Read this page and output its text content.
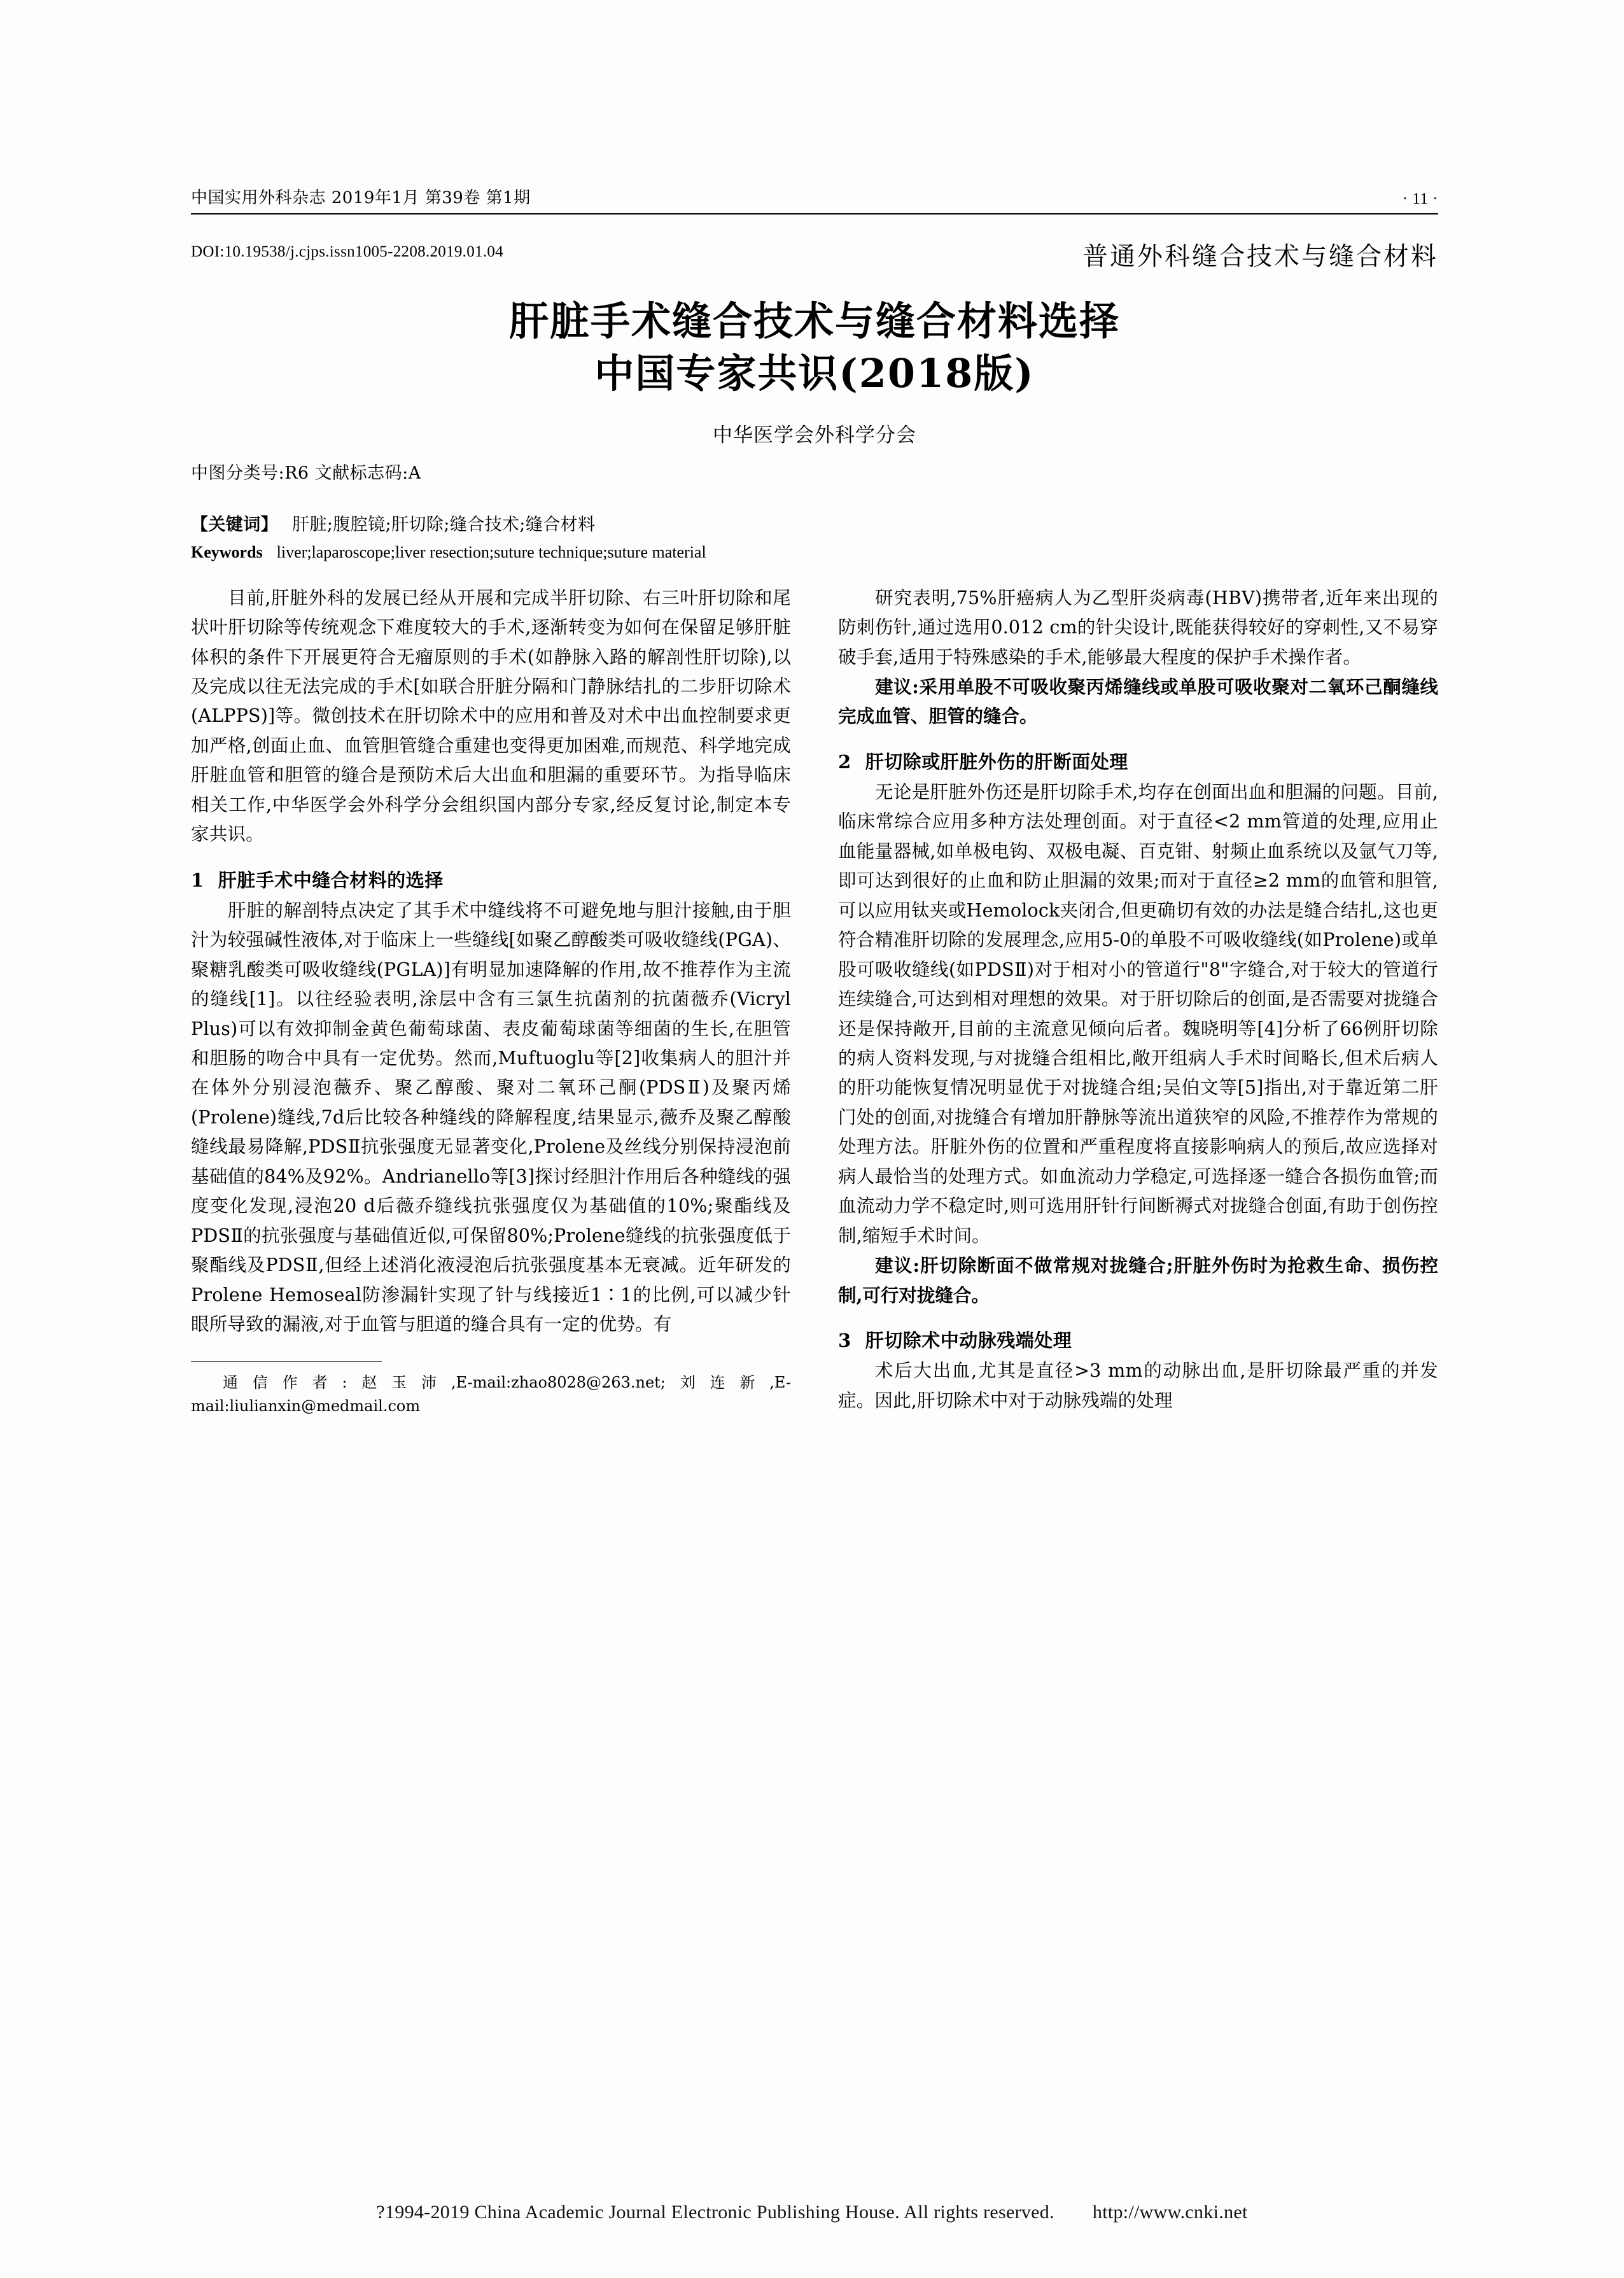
中国实用外科杂志 2019年1月 第39卷 第1期	· 11 ·
普通外科缝合技术与缝合材料
DOI:10.19538/j.cjps.issn1005-2208.2019.01.04
肝脏手术缝合技术与缝合材料选择
中国专家共识(2018版)
中华医学会外科学分会
中图分类号:R6 文献标志码:A
【关键词】 肝脏;腹腔镜;肝切除;缝合技术;缝合材料
Keywords liver;laparoscope;liver resection;suture technique;suture material

目前,肝脏外科的发展已经从开展和完成半肝切除、右三叶肝切除和尾状叶肝切除等传统观念下难度较大的手术,逐渐转变为如何在保留足够肝脏体积的条件下开展更符合无瘤原则的手术(如静脉入路的解剖性肝切除),以及完成以往无法完成的手术[如联合肝脏分隔和门静脉结扎的二步肝切除术(ALPPS)]等。微创技术在肝切除术中的应用和普及对术中出血控制要求更加严格,创面止血、血管胆管缝合重建也变得更加困难,而规范、科学地完成肝脏血管和胆管的缝合是预防术后大出血和胆漏的重要环节。为指导临床相关工作,中华医学会外科学分会组织国内部分专家,经反复讨论,制定本专家共识。

1 肝脏手术中缝合材料的选择

肝脏的解剖特点决定了其手术中缝线将不可避免地与胆汁接触,由于胆汁为较强碱性液体,对于临床上一些缝线[如聚乙醇酸类可吸收缝线(PGA)、聚糖乳酸类可吸收缝线(PGLA)]有明显加速降解的作用,故不推荐作为主流的缝线[1]。以往经验表明,涂层中含有三氯生抗菌剂的抗菌薇乔(Vicryl Plus)可以有效抑制金黄色葡萄球菌、表皮葡萄球菌等细菌的生长,在胆管和胆肠的吻合中具有一定优势。然而,Muftuoglu等[2]收集病人的胆汁并在体外分别浸泡薇乔、聚乙醇酸、聚对二氧环己酮(PDSⅡ)及聚丙烯(Prolene)缝线,7d后比较各种缝线的降解程度,结果显示,薇乔及聚乙醇酸缝线最易降解,PDSⅡ抗张强度无显著变化,Prolene及丝线分别保持浸泡前基础值的84%及92%。Andrianello等[3]探讨经胆汁作用后各种缝线的强度变化发现,浸泡20 d后薇乔缝线抗张强度仅为基础值的10%;聚酯线及PDSⅡ的抗张强度与基础值近似,可保留80%;Prolene缝线的抗张强度低于聚酯线及PDSⅡ,但经上述消化液浸泡后抗张强度基本无衰减。近年研发的Prolene Hemoseal防渗漏针实现了针与线接近1∶1的比例,可以减少针眼所导致的漏液,对于血管与胆道的缝合具有一定的优势。有

通信作者:赵玉沛,E-mail:zhao8028@263.net;刘连新,E-mail:liulianxin@medmail.com

研究表明,75%肝癌病人为乙型肝炎病毒(HBV)携带者,近年来出现的防刺伤针,通过选用0.012 cm的针尖设计,既能获得较好的穿刺性,又不易穿破手套,适用于特殊感染的手术,能够最大程度的保护手术操作者。

建议:采用单股不可吸收聚丙烯缝线或单股可吸收聚对二氧环己酮缝线完成血管、胆管的缝合。

2 肝切除或肝脏外伤的肝断面处理

无论是肝脏外伤还是肝切除手术,均存在创面出血和胆漏的问题。目前,临床常综合应用多种方法处理创面。对于直径<2 mm管道的处理,应用止血能量器械,如单极电钩、双极电凝、百克钳、射频止血系统以及氩气刀等,即可达到很好的止血和防止胆漏的效果;而对于直径≥2 mm的血管和胆管,可以应用钛夹或Hemolock夹闭合,但更确切有效的办法是缝合结扎,这也更符合精准肝切除的发展理念,应用5-0的单股不可吸收缝线(如Prolene)或单股可吸收缝线(如PDSⅡ)对于相对小的管道行"8"字缝合,对于较大的管道行连续缝合,可达到相对理想的效果。对于肝切除后的创面,是否需要对拢缝合还是保持敞开,目前的主流意见倾向后者。魏晓明等[4]分析了66例肝切除的病人资料发现,与对拢缝合组相比,敞开组病人手术时间略长,但术后病人的肝功能恢复情况明显优于对拢缝合组;吴伯文等[5]指出,对于靠近第二肝门处的创面,对拢缝合有增加肝静脉等流出道狭窄的风险,不推荐作为常规的处理方法。肝脏外伤的位置和严重程度将直接影响病人的预后,故应选择对病人最恰当的处理方式。如血流动力学稳定,可选择逐一缝合各损伤血管;而血流动力学不稳定时,则可选用肝针行间断褥式对拢缝合创面,有助于创伤控制,缩短手术时间。

建议:肝切除断面不做常规对拢缝合;肝脏外伤时为抢救生命、损伤控制,可行对拢缝合。

3 肝切除术中动脉残端处理

术后大出血,尤其是直径>3 mm的动脉出血,是肝切除最严重的并发症。因此,肝切除术中对于动脉残端的处理

?1994-2019 China Academic Journal Electronic Publishing House. All rights reserved. http://www.cnki.net
